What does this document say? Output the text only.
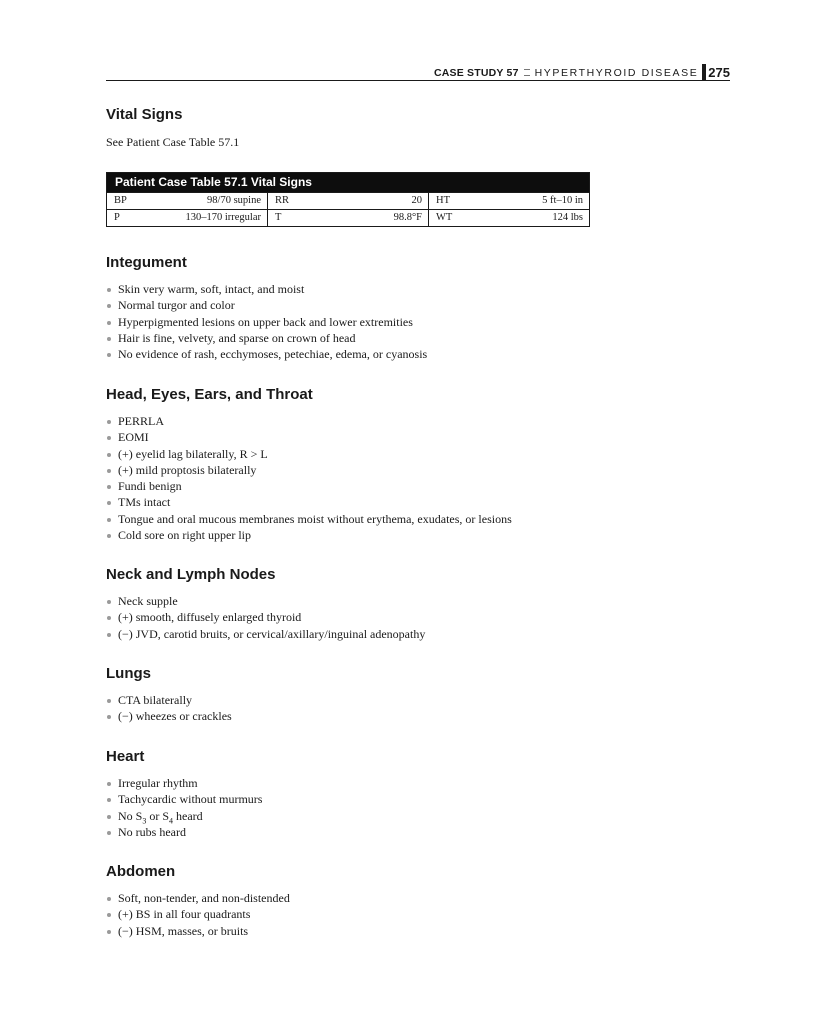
CASE STUDY 57 HYPERTHYROID DISEASE 275
Vital Signs
See Patient Case Table 57.1
Patient Case Table 57.1 Vital Signs
BP	98/70 supine RR	20 HT	5 ft–10 in
P	130–170 irregular T	98.8°F WT	124 lbs
Integument
Skin very warm, soft, intact, and moist
Normal turgor and color
Hyperpigmented lesions on upper back and lower extremities
Hair is fine, velvety, and sparse on crown of head
No evidence of rash, ecchymoses, petechiae, edema, or cyanosis
Head, Eyes, Ears, and Throat
PERRLA
EOMI
(+) eyelid lag bilaterally, R > L
(+) mild proptosis bilaterally
Fundi benign
TMs intact
Tongue and oral mucous membranes moist without erythema, exudates, or lesions
Cold sore on right upper lip
Neck and Lymph Nodes
Neck supple
(+) smooth, diffusely enlarged thyroid
(−) JVD, carotid bruits, or cervical/axillary/inguinal adenopathy
Lungs
CTA bilaterally
(−) wheezes or crackles
Heart
Irregular rhythm
Tachycardic without murmurs
No $S_3$ or $S_4$ heard
No rubs heard
Abdomen
Soft, non-tender, and non-distended
(+) BS in all four quadrants
(−) HSM, masses, or bruits
